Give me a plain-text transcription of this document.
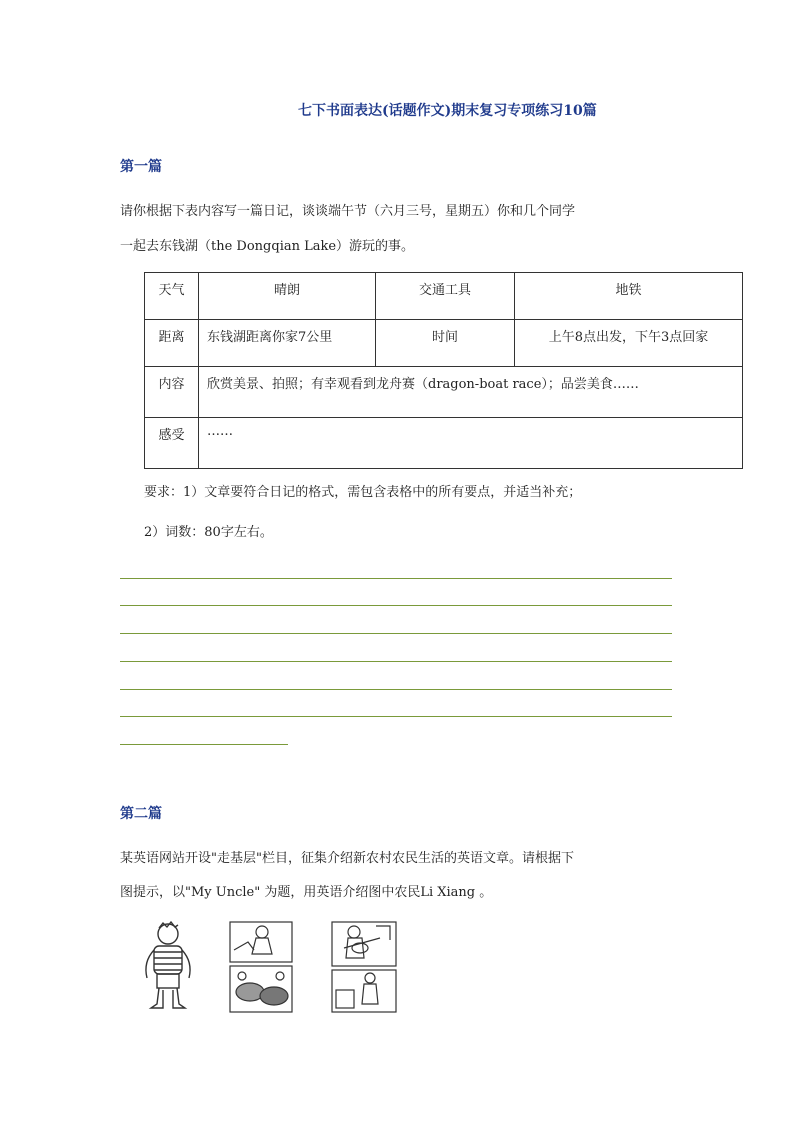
七下书面表达(话题作文)期末复习专项练习10篇
第一篇
请你根据下表内容写一篇日记，谈谈端午节（六月三号，星期五）你和几个同学
一起去东钱湖（the Dongqian Lake）游玩的事。
天气	晴朗	交通工具	地铁
距离	东钱湖距离你家7公里	时间	上午8点出发，下午3点回家
内容	欣赏美景、拍照；有幸观看到龙舟赛（dragon-boat race）；品尝美食……		
感受	……		
要求：1）文章要符合日记的格式，需包含表格中的所有要点，并适当补充；
2）词数：80字左右。
第二篇
某英语网站开设"走基层"栏目，征集介绍新农村农民生活的英语文章。请根据下
图提示，以"My Uncle" 为题，用英语介绍图中农民Li Xiang 。
